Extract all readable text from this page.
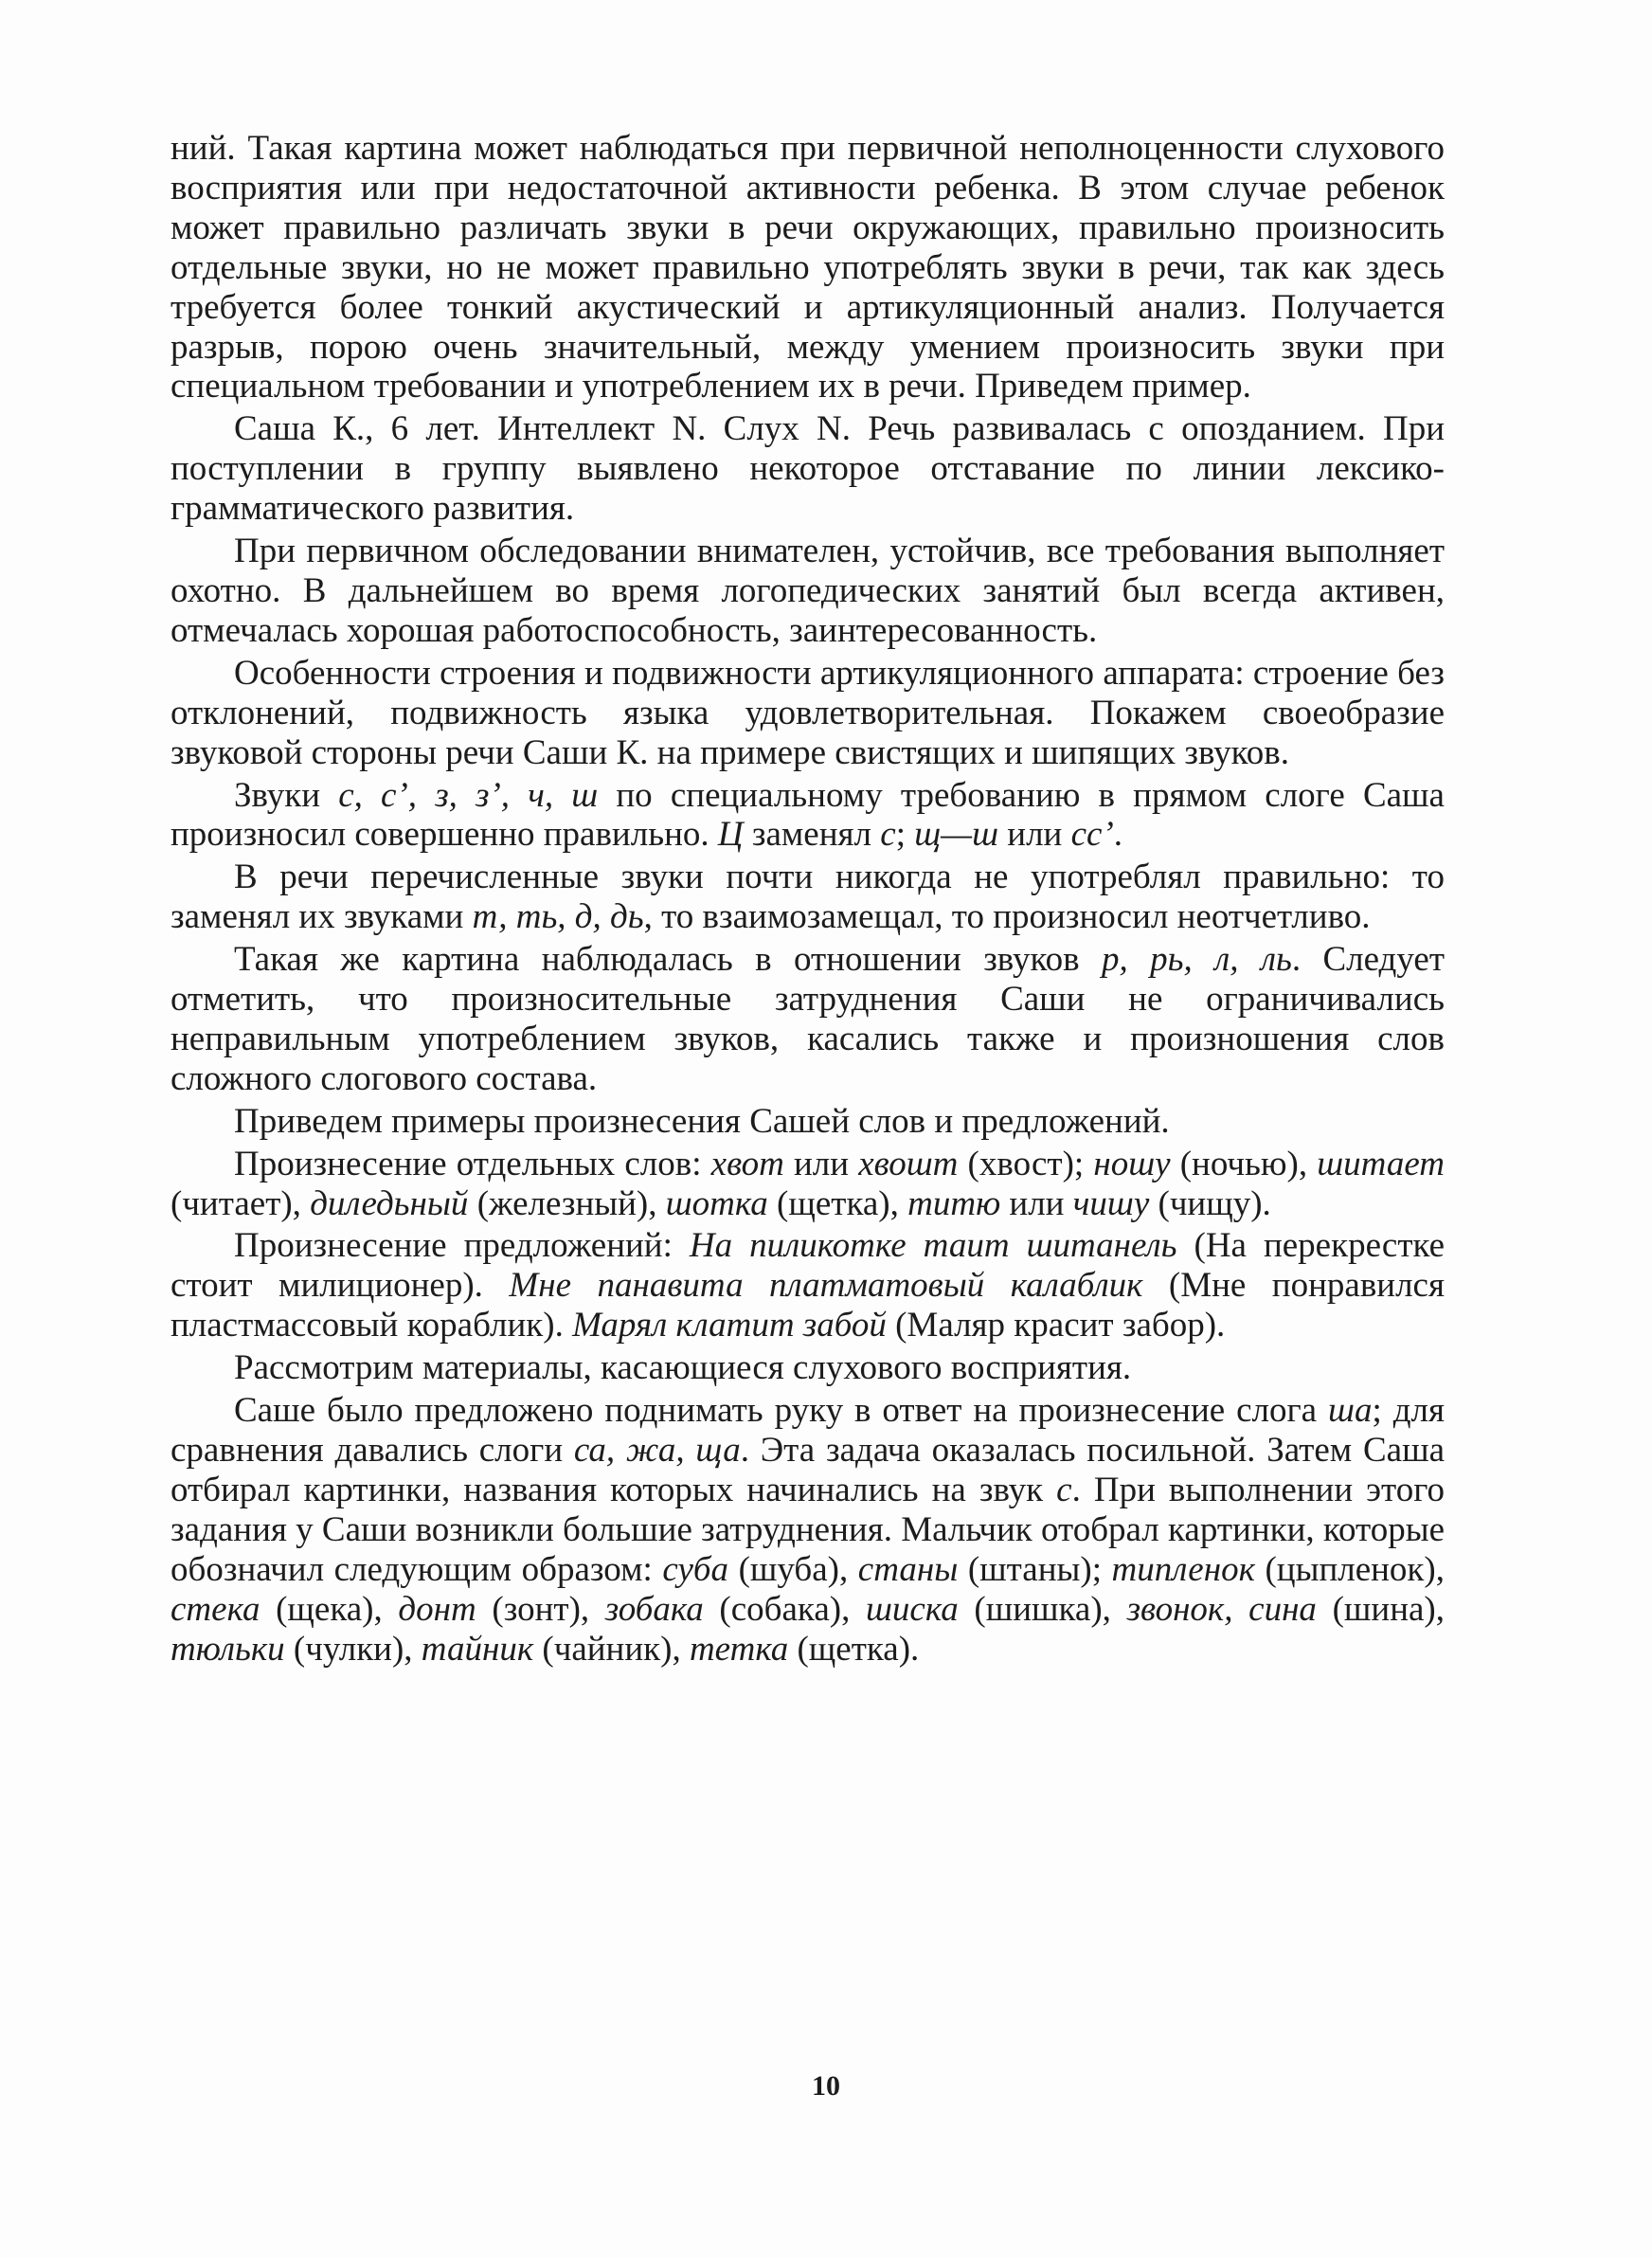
ний. Такая картина может наблюдаться при первичной неполноценности слухового восприятия или при недостаточной активности ребенка. В этом случае ребенок может правильно различать звуки в речи окружающих, правильно произносить отдельные звуки, но не может правильно употреблять звуки в речи, так как здесь требуется более тонкий акустический и артикуляционный анализ. Получается разрыв, порою очень значительный, между умением произносить звуки при специальном требовании и употреблением их в речи. Приведем пример.

Саша К., 6 лет. Интеллект N. Слух N. Речь развивалась с опозданием. При поступлении в группу выявлено некоторое отставание по линии лексико-грамматического развития.

При первичном обследовании внимателен, устойчив, все требования выполняет охотно. В дальнейшем во время логопедических занятий был всегда активен, отмечалась хорошая работоспособность, заинтересованность.

Особенности строения и подвижности артикуляционного аппарата: строение без отклонений, подвижность языка удовлетворительная. Покажем своеобразие звуковой стороны речи Саши К. на примере свистящих и шипящих звуков.

Звуки с, с’, з, з’, ч, ш по специальному требованию в прямом слоге Саша произносил совершенно правильно. Ц заменял с; щ—ш или сс’.

В речи перечисленные звуки почти никогда не употреблял правильно: то заменял их звуками т, ть, д, дь, то взаимозамещал, то произносил неотчетливо.

Такая же картина наблюдалась в отношении звуков р, рь, л, ль. Следует отметить, что произносительные затруднения Саши не ограничивались неправильным употреблением звуков, касались также и произношения слов сложного слогового состава.

Приведем примеры произнесения Сашей слов и предложений.

Произнесение отдельных слов: хвот или хвошт (хвост); ношу (ночью), шитает (читает), диледьный (железный), шотка (щетка), титю или чишу (чищу).

Произнесение предложений: На пиликотке таит шитанель (На перекрестке стоит милиционер). Мне панавита платматовый калаблик (Мне понравился пластмассовый кораблик). Марял клатит забой (Маляр красит забор).

Рассмотрим материалы, касающиеся слухового восприятия.

Саше было предложено поднимать руку в ответ на произнесение слога ша; для сравнения давались слоги са, жа, ща. Эта задача оказалась посильной. Затем Саша отбирал картинки, названия которых начинались на звук с. При выполнении этого задания у Саши возникли большие затруднения. Мальчик отобрал картинки, которые обозначил следующим образом: суба (шуба), станы (штаны); типленок (цыпленок), стека (щека), донт (зонт), зобака (собака), шиска (шишка), звонок, сина (шина), тюльки (чулки), тайник (чайник), тетка (щетка).

10
